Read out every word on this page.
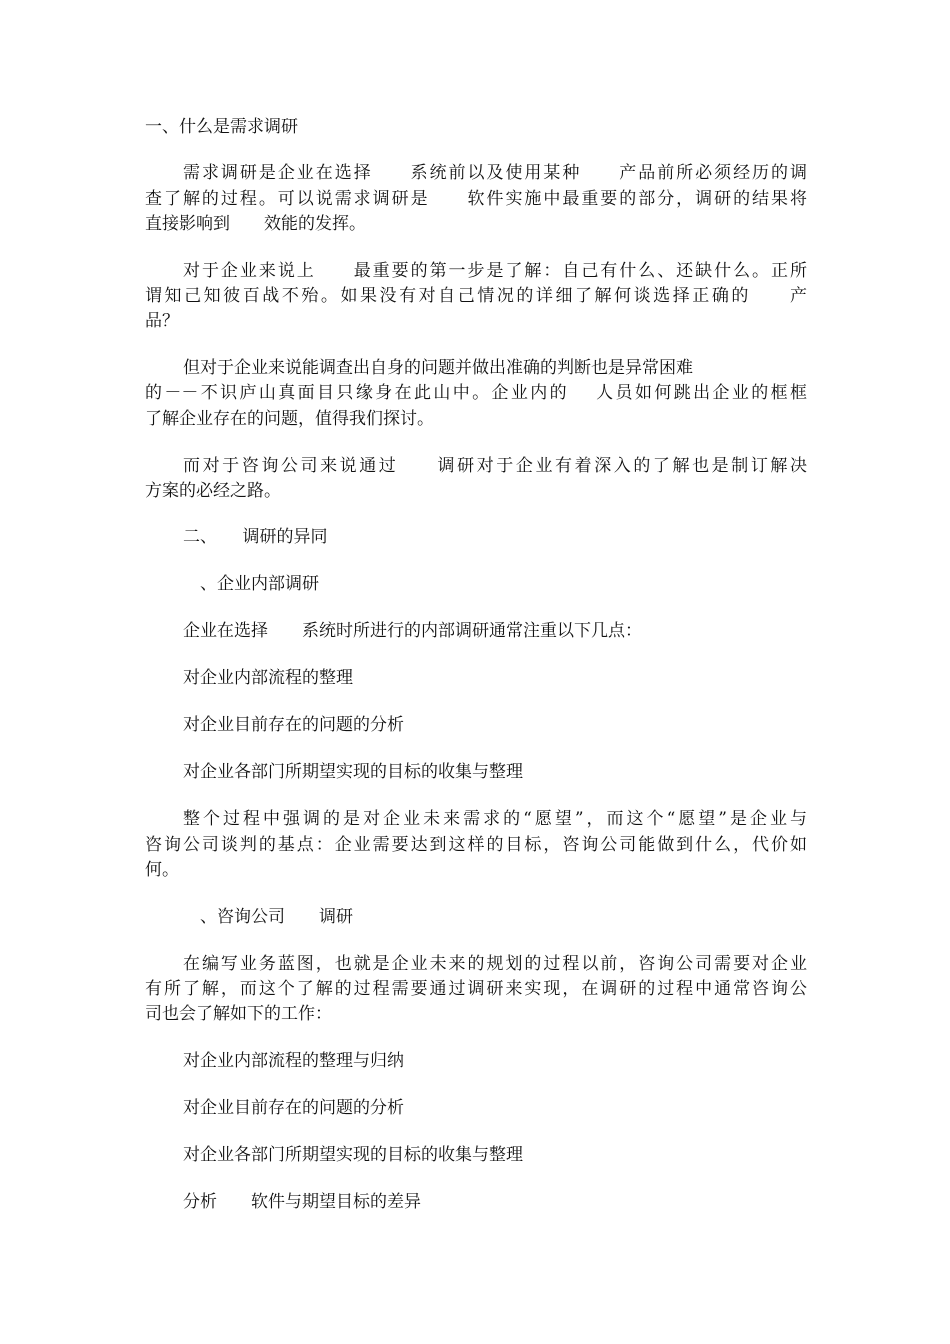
一、什么是需求调研

需求调研是企业在选择　　系统前以及使用某种　　产品前所必须经历的调

查了解的过程。可以说需求调研是　　软件实施中最重要的部分，调研的结果将

直接影响到　　效能的发挥。

对于企业来说上　　最重要的第一步是了解：自己有什么、还缺什么。正所

谓知己知彼百战不殆。如果没有对自己情况的详细了解何谈选择正确的　　产

品？

但对于企业来说能调查出自身的问题并做出准确的判断也是异常困难

的－－不识庐山真面目只缘身在此山中。企业内的　 人员如何跳出企业的框框

了解企业存在的问题，值得我们探讨。

而对于咨询公司来说通过　　调研对于企业有着深入的了解也是制订解决

方案的必经之路。

二、　　调研的异同

　、企业内部调研

企业在选择　　系统时所进行的内部调研通常注重以下几点：

对企业内部流程的整理

对企业目前存在的问题的分析

对企业各部门所期望实现的目标的收集与整理

整个过程中强调的是对企业未来需求的“愿望”，而这个“愿望”是企业与

咨询公司谈判的基点：企业需要达到这样的目标，咨询公司能做到什么，代价如

何。

　、咨询公司　　调研

在编写业务蓝图，也就是企业未来的规划的过程以前，咨询公司需要对企业

有所了解，而这个了解的过程需要通过调研来实现，在调研的过程中通常咨询公

司也会了解如下的工作：

对企业内部流程的整理与归纳

对企业目前存在的问题的分析

对企业各部门所期望实现的目标的收集与整理

分析　　软件与期望目标的差异
